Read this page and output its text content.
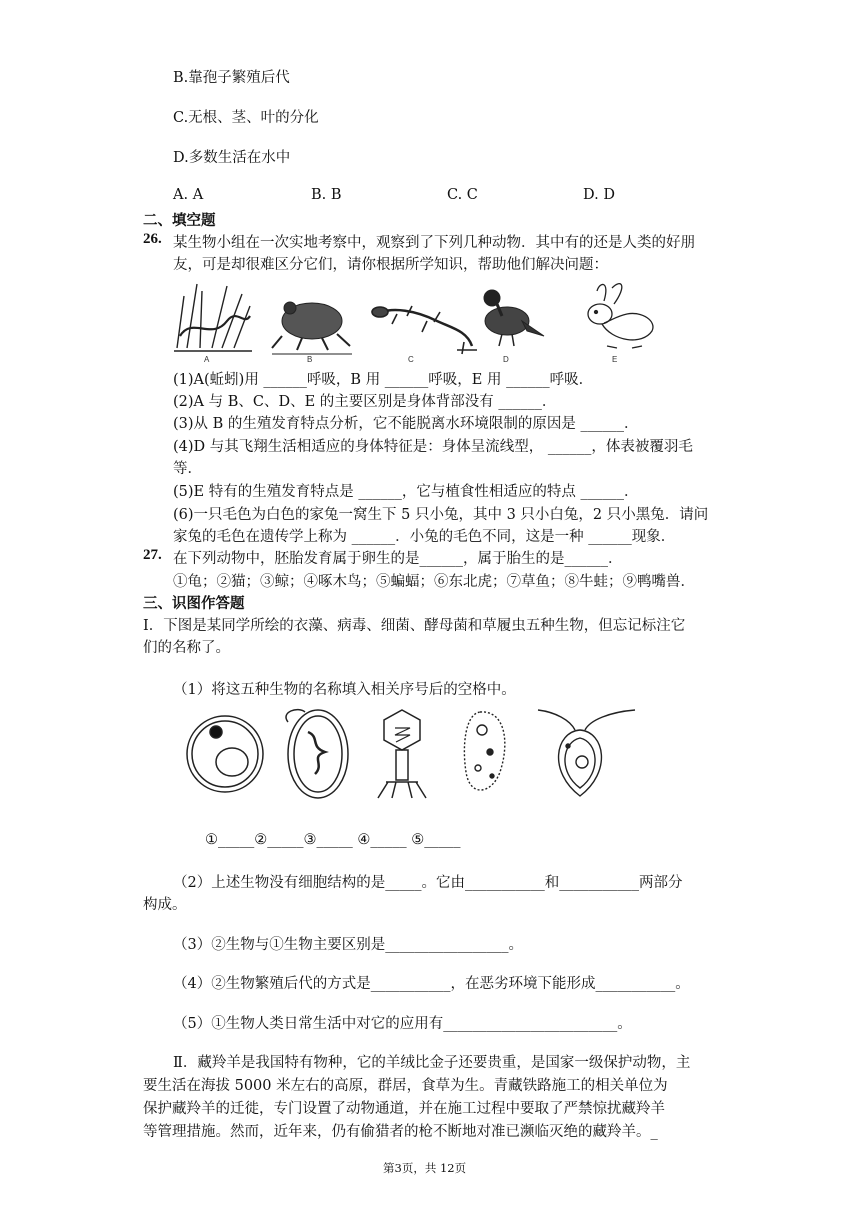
B.靠孢子繁殖后代
C.无根、茎、叶的分化
D.多数生活在水中
A. A	B. B	C. C	D. D
二、填空题
26. 某生物小组在一次实地考察中，观察到了下列几种动物．其中有的还是人类的好朋
友，可是却很难区分它们，请你根据所学知识，帮助他们解决问题：
A	B	C	D	E
(1)A(蚯蚓)用 ______呼吸，B 用 ______呼吸，E 用 ______呼吸．
(2)A 与 B、C、D、E 的主要区别是身体背部没有 ______．
(3)从 B 的生殖发育特点分析，它不能脱离水环境限制的原因是 ______．
(4)D 与其飞翔生活相适应的身体特征是：身体呈流线型， ______，体表被覆羽毛
等．
(5)E 特有的生殖发育特点是 ______，它与植食性相适应的特点 ______．
(6)一只毛色为白色的家兔一窝生下 5 只小兔，其中 3 只小白兔，2 只小黑兔．请问
家兔的毛色在遗传学上称为 ______．小兔的毛色不同，这是一种 ______现象．
27. 在下列动物中，胚胎发育属于卵生的是______，属于胎生的是______．
①龟；②猫；③鲸；④啄木鸟；⑤蝙蝠；⑥东北虎；⑦草鱼；⑧牛蛙；⑨鸭嘴兽．
三、识图作答题
Ⅰ．下图是某同学所绘的衣藻、病毒、细菌、酵母菌和草履虫五种生物，但忘记标注它
们的名称了。
（1）将这五种生物的名称填入相关序号后的空格中。
①_____②_____③_____ ④_____ ⑤_____
（2）上述生物没有细胞结构的是_____。它由___________和___________两部分
构成。
（3）②生物与①生物主要区别是_________________。
（4）②生物繁殖后代的方式是___________，在恶劣环境下能形成___________。
（5）①生物人类日常生活中对它的应用有________________________。
Ⅱ．藏羚羊是我国特有物种，它的羊绒比金子还要贵重，是国家一级保护动物，主
要生活在海拔 5000 米左右的高原，群居，食草为生。青藏铁路施工的相关单位为
保护藏羚羊的迁徙，专门设置了动物通道，并在施工过程中要取了严禁惊扰藏羚羊
等管理措施。然而，近年来，仍有偷猎者的枪不断地对准已濒临灭绝的藏羚羊。_
第3页，共 12页
